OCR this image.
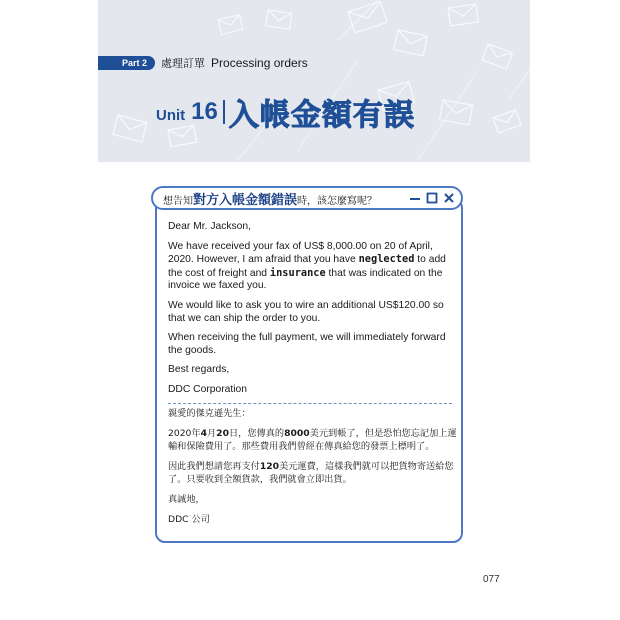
Part 2	處理訂單 Processing orders
Unit 16 入帳金額有誤
想告知對方入帳金額錯誤時，該怎麼寫呢？

Dear Mr. Jackson,

We have received your fax of US$ 8,000.00 on 20 of April, 2020. However, I am afraid that you have neglected to add the cost of freight and insurance that was indicated on the invoice we faxed you.

We would like to ask you to wire an additional US$120.00 so that we can ship the order to you.

When receiving the full payment, we will immediately forward the goods.

Best regards,

DDC Corporation

親愛的傑克遜先生：

2020年4月20日，您傳真的8000美元到帳了，但是恐怕您忘記加上運輸和保險費用了。那些費用我們曾經在傳真給您的發票上標明了。

因此我們想請您再支付120美元運費，這樣我們就可以把貨物寄送給您了。只要收到全額貨款，我們就會立即出貨。

真誠地，

DDC 公司

077
